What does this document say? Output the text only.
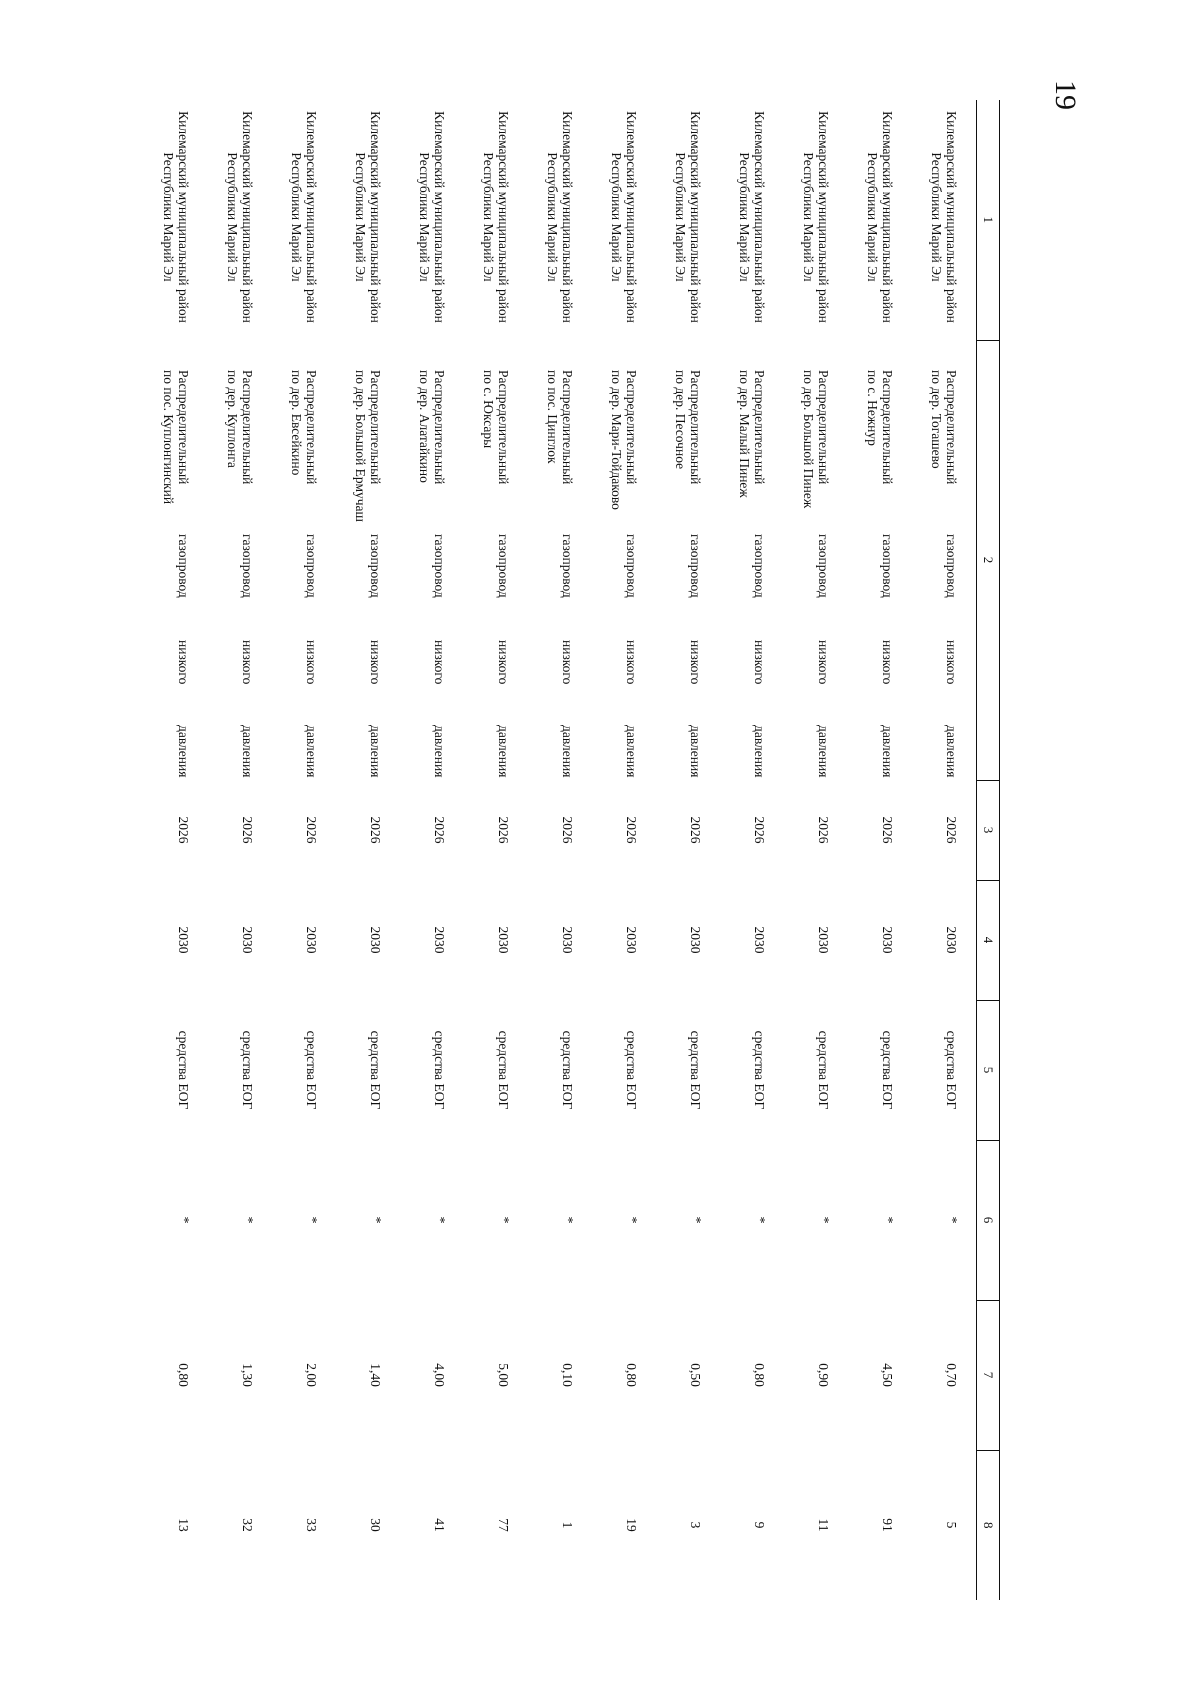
19
1	2				3	4	5	6	7	8
Килемарский муниципальный район Республики Марий Эл	Распределительный
по дер. Тогашево	газопровод	низкого	давления	2026	2030	средства ЕОГ	*	0,70	5
Килемарский муниципальный район Республики Марий Эл	Распределительный
по с. Нежнур	газопровод	низкого	давления	2026	2030	средства ЕОГ	*	4,50	91
Килемарский муниципальный район Республики Марий Эл	Распределительный
по дер. Большой Пинеж	газопровод	низкого	давления	2026	2030	средства ЕОГ	*	0,90	11
Килемарский муниципальный район Республики Марий Эл	Распределительный
по дер. Малый Пинеж	газопровод	низкого	давления	2026	2030	средства ЕОГ	*	0,80	9
Килемарский муниципальный район Республики Марий Эл	Распределительный
по дер. Песочное	газопровод	низкого	давления	2026	2030	средства ЕОГ	*	0,50	3
Килемарский муниципальный район Республики Марий Эл	Распределительный
по дер. Мари-Тойдаково	газопровод	низкого	давления	2026	2030	средства ЕОГ	*	0,80	19
Килемарский муниципальный район Республики Марий Эл	Распределительный
по пос. Цинглок	газопровод	низкого	давления	2026	2030	средства ЕОГ	*	0,10	1
Килемарский муниципальный район Республики Марий Эл	Распределительный
по с. Юксары	газопровод	низкого	давления	2026	2030	средства ЕОГ	*	5,00	77
Килемарский муниципальный район Республики Марий Эл	Распределительный
по дер. Алатайкино	газопровод	низкого	давления	2026	2030	средства ЕОГ	*	4,00	41
Килемарский муниципальный район Республики Марий Эл	Распределительный
по дер. Большой Ермучаш	газопровод	низкого	давления	2026	2030	средства ЕОГ	*	1,40	30
Килемарский муниципальный район Республики Марий Эл	Распределительный
по дер. Евсейкино	газопровод	низкого	давления	2026	2030	средства ЕОГ	*	2,00	33
Килемарский муниципальный район Республики Марий Эл	Распределительный
по дер. Куплонга	газопровод	низкого	давления	2026	2030	средства ЕОГ	*	1,30	32
Килемарский муниципальный район Республики Марий Эл	Распределительный
по пос. Куплонгинский	газопровод	низкого	давления	2026	2030	средства ЕОГ	*	0,80	13
